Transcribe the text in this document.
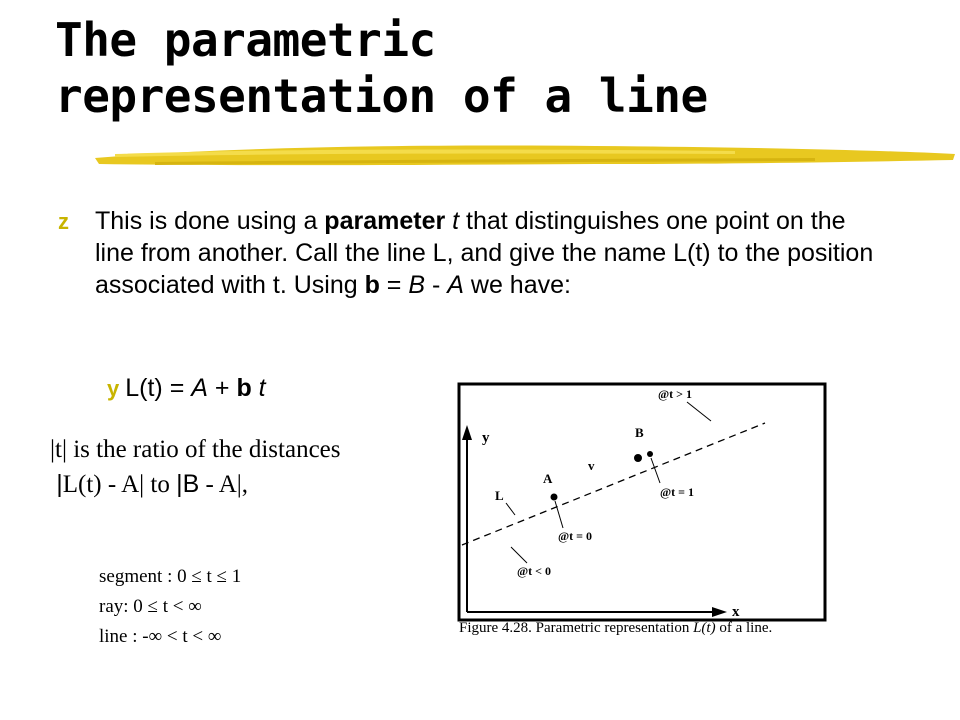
The parametric
representation of a line
z This is done using a parameter t that distinguishes one point on the line from another. Call the line L, and give the name L(t) to the position associated with t. Using b = B - A we have:
y L(t) = A + b t
|t| is the ratio of the distances
|L(t) - A| to |B - A|,
segment : 0 ≤ t ≤ 1
ray: 0 ≤ t < ∞
line : -∞ < t < ∞
y
x
B
A
v
L
@t > 1
@t = 1
@t = 0
@t < 0
Figure 4.28. Parametric representation L(t) of a line.
